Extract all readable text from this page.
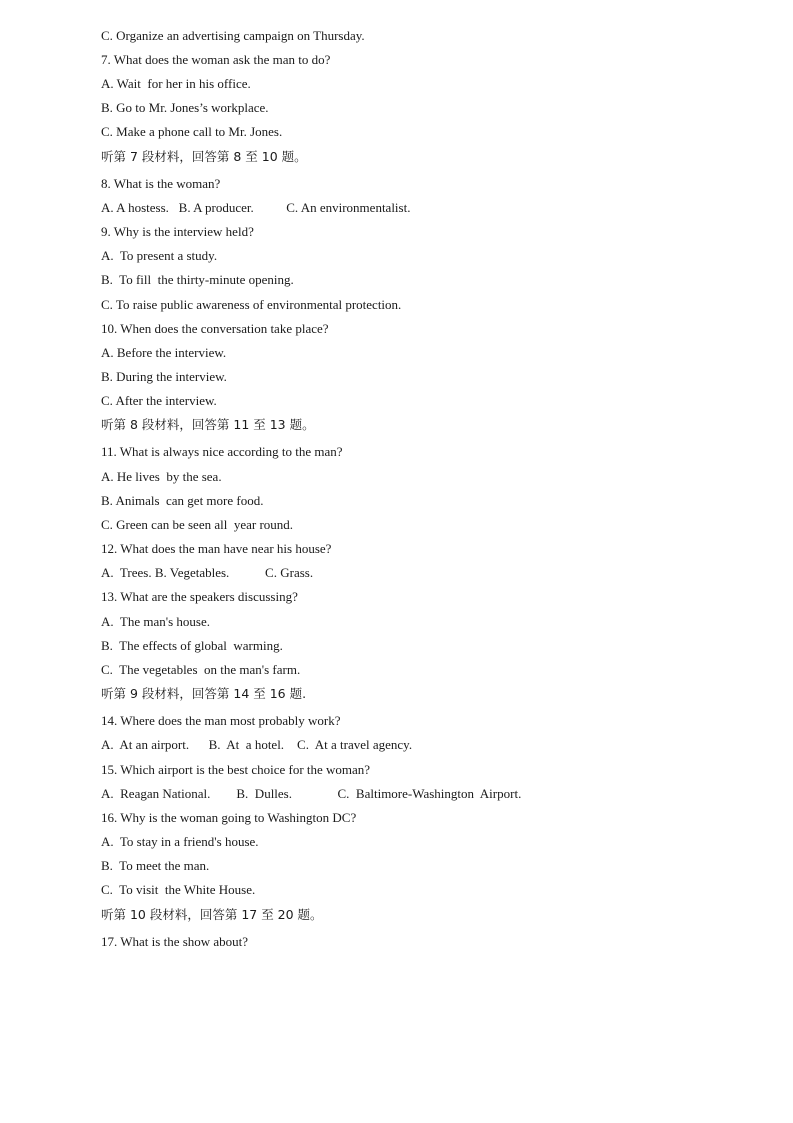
C. Organize an advertising campaign on Thursday.

7. What does the woman ask the man to do?

A. Wait  for her in his office.

B. Go to Mr. Jones’s workplace.

C. Make a phone call to Mr. Jones.

听第 7 段材料，回答第 8 至 10 题。

8. What is the woman?

A. A hostess.   B. A producer.          C. An environmentalist.

9. Why is the interview held?

A.  To present a study.

B.  To fill  the thirty-minute opening.

C. To raise public awareness of environmental protection.

10. When does the conversation take place?

A. Before the interview.

B. During the interview.

C. After the interview.

听第 8 段材料，回答第 11 至 13 题。

11. What is always nice according to the man?

A. He lives  by the sea.

B. Animals  can get more food.

C. Green can be seen all  year round.

12. What does the man have near his house?

A.  Trees. B. Vegetables.           C. Grass.

13. What are the speakers discussing?

A.  The man's house.

B.  The effects of global  warming.

C.  The vegetables  on the man's farm.

听第 9 段材料，回答第 14 至 16 题.

14. Where does the man most probably work?

A.  At an airport.      B.  At  a hotel.    C.  At a travel agency.

15. Which airport is the best choice for the woman?

A.  Reagan National.        B.  Dulles.              C.  Baltimore-Washington  Airport.

16. Why is the woman going to Washington DC?

A.  To stay in a friend's house.

B.  To meet the man.

C.  To visit  the White House.

听第 10 段材料，回答第 17 至 20 题。

17. What is the show about?
